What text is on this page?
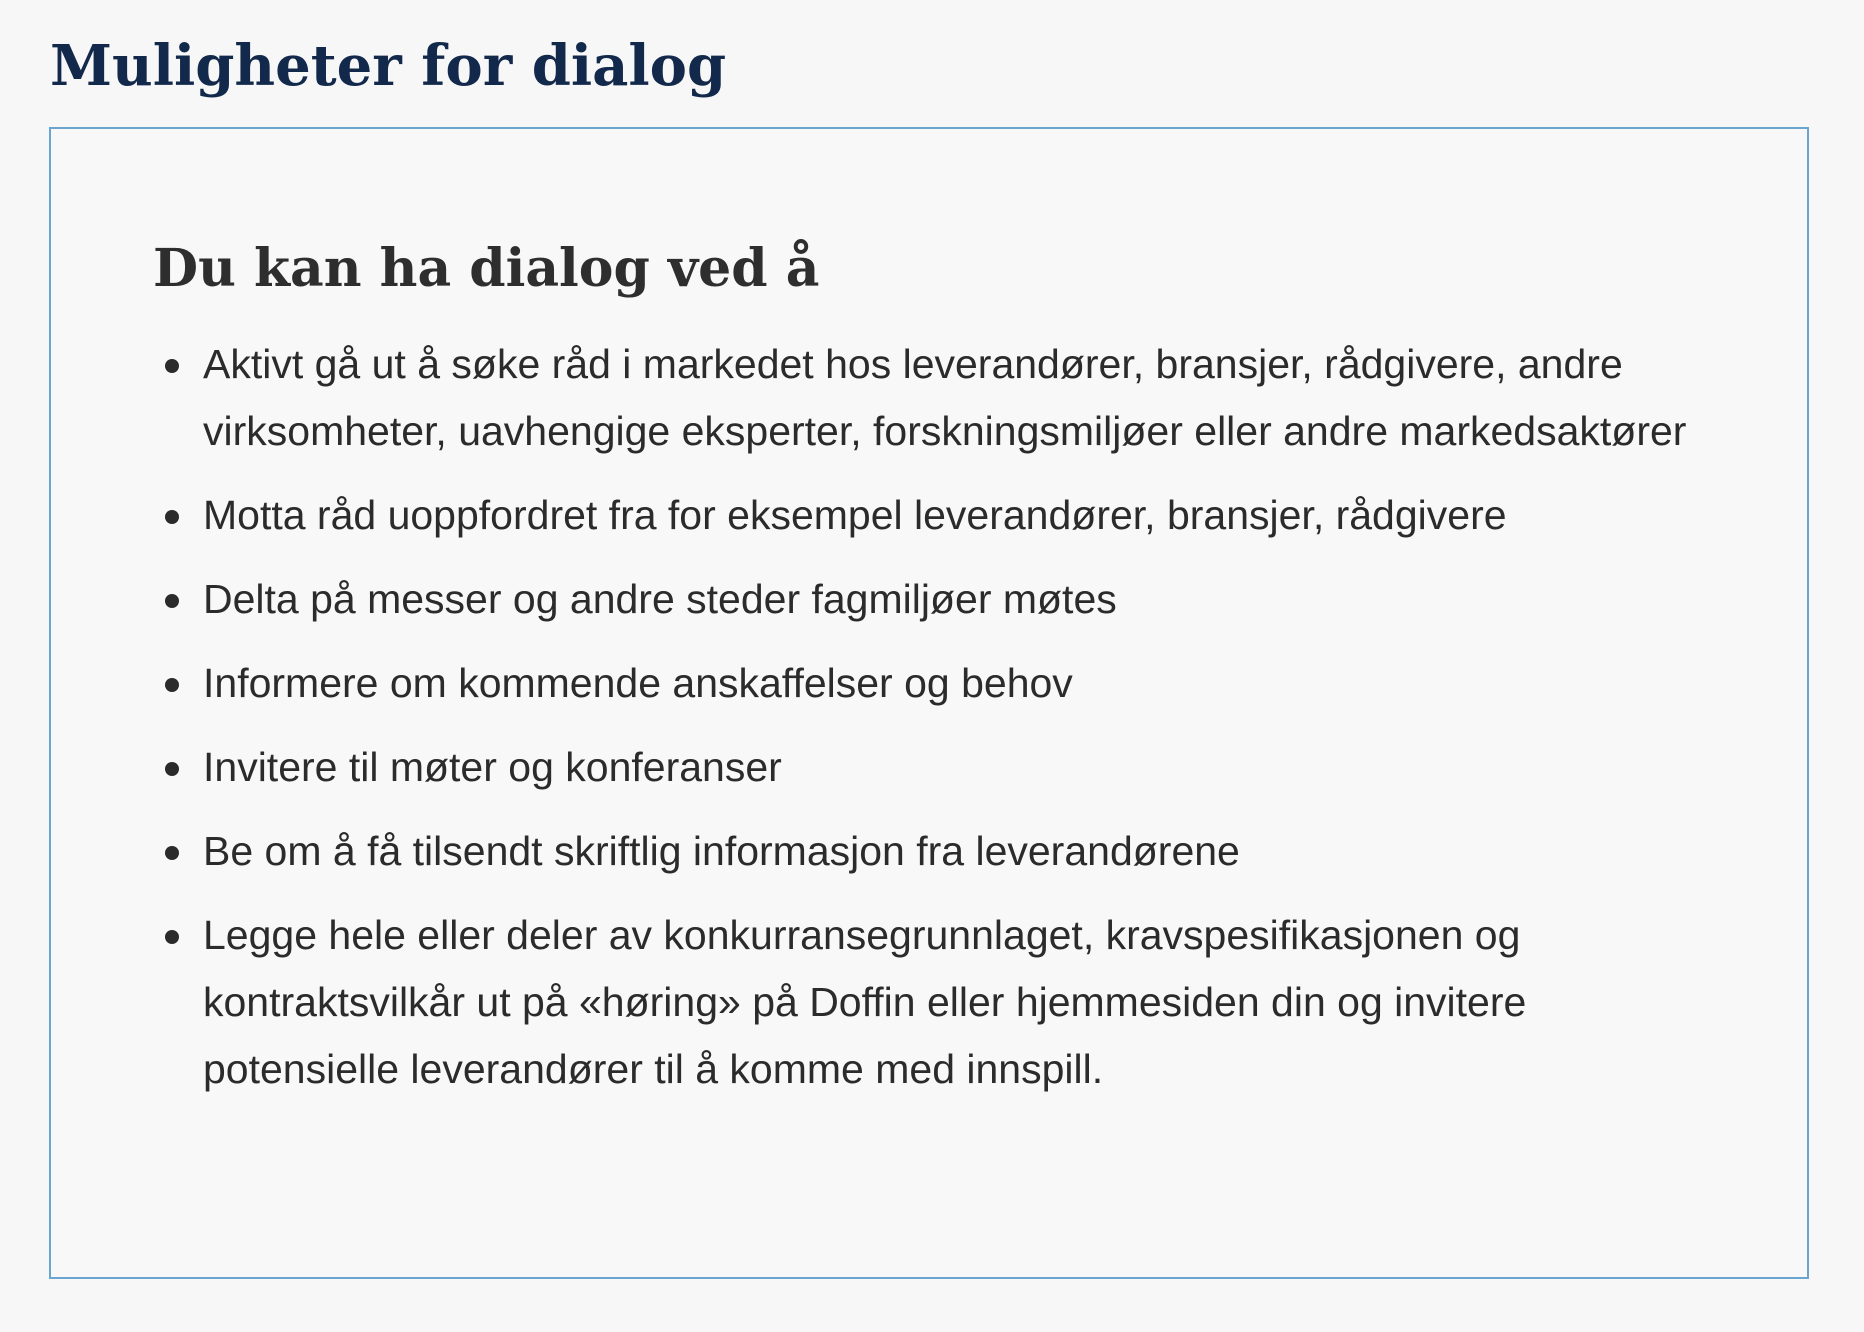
Muligheter for dialog
Du kan ha dialog ved å
Aktivt gå ut å søke råd i markedet hos leverandører, bransjer, rådgivere, andre virksomheter, uavhengige eksperter, forskningsmiljøer eller andre markedsaktører
Motta råd uoppfordret fra for eksempel leverandører, bransjer, rådgivere
Delta på messer og andre steder fagmiljøer møtes
Informere om kommende anskaffelser og behov
Invitere til møter og konferanser
Be om å få tilsendt skriftlig informasjon fra leverandørene
Legge hele eller deler av konkurransegrunnlaget, kravspesifikasjonen og kontraktsvilkår ut på «høring» på Doffin eller hjemmesiden din og invitere potensielle leverandører til å komme med innspill.
